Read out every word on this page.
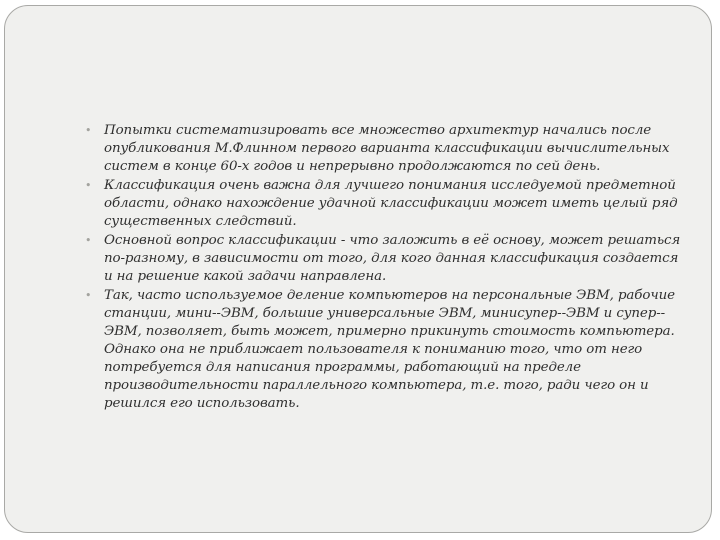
• Попытки систематизировать все множество архитектур начались после опубликования М.Флинном первого варианта классификации вычислительных систем в конце 60-х годов и непрерывно продолжаются по сей день.
• Классификация очень важна для лучшего понимания исследуемой предметной области, однако нахождение удачной классификации может иметь целый ряд существенных следствий.
• Основной вопрос классификации - что заложить в её основу, может решаться по-разному, в зависимости от того, для кого данная классификация создается и на решение какой задачи направлена.
• Так, часто используемое деление компьютеров на персональные ЭВМ, рабочие станции, мини--ЭВМ, большие универсальные ЭВМ, минисупер--ЭВМ и супер--ЭВМ, позволяет, быть может, примерно прикинуть стоимость компьютера. Однако она не приближает пользователя к пониманию того, что от него потребуется для написания программы, работающий на пределе производительности параллельного компьютера, т.е. того, ради чего он и решился его использовать.
